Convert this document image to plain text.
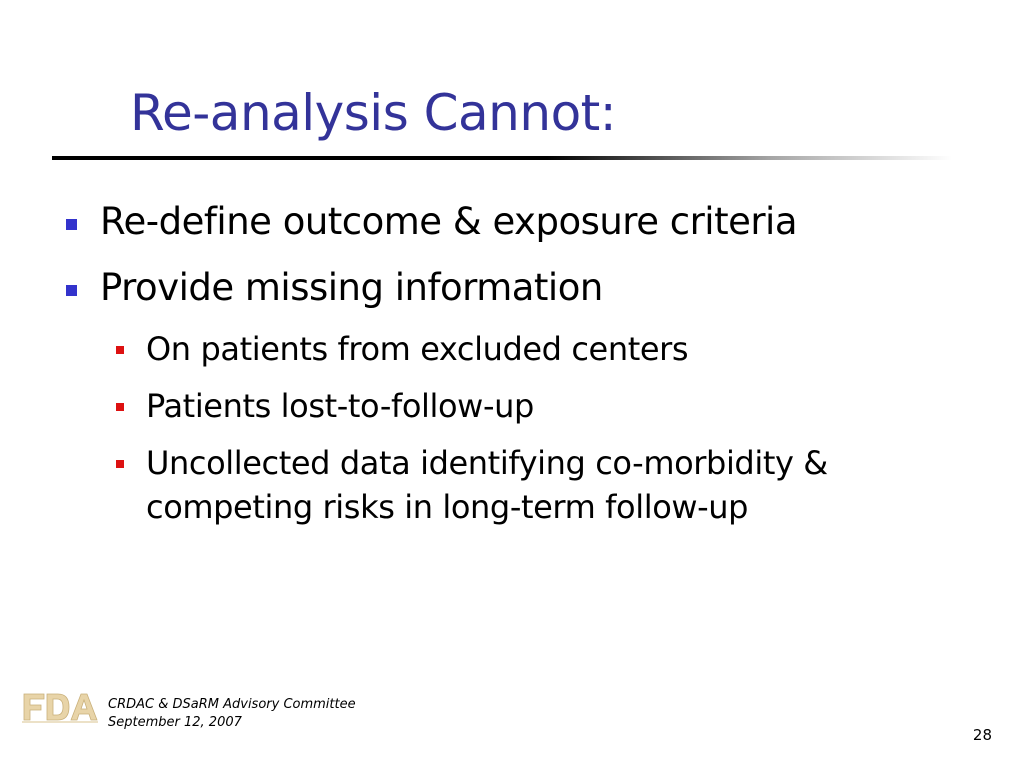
Re-analysis Cannot:
Re-define outcome & exposure criteria
Provide missing information
On patients from excluded centers
Patients lost-to-follow-up
Uncollected data identifying co-morbidity &
competing risks in long-term follow-up
CRDAC & DSaRM Advisory Committee
September 12, 2007
28
